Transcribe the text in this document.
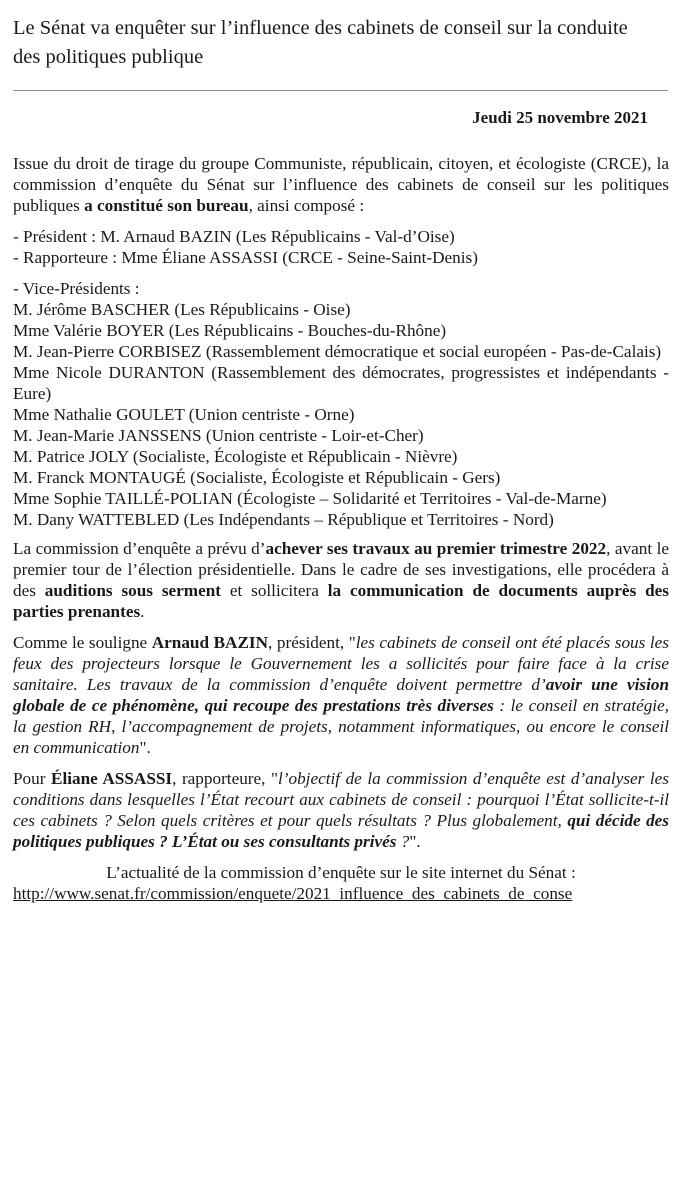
Le Sénat va enquêter sur l’influence des cabinets de conseil sur la conduite des politiques publique
Jeudi 25 novembre 2021

Issue du droit de tirage du groupe Communiste, républicain, citoyen, et écologiste (CRCE), la commission d’enquête du Sénat sur l’influence des cabinets de conseil sur les politiques publiques a constitué son bureau, ainsi composé :

- Président : M. Arnaud BAZIN (Les Républicains - Val-d’Oise)

- Rapporteure : Mme Éliane ASSASSI (CRCE - Seine-Saint-Denis)

- Vice-Présidents :

M. Jérôme BASCHER (Les Républicains - Oise)

Mme Valérie BOYER (Les Républicains - Bouches-du-Rhône)

M. Jean-Pierre CORBISEZ (Rassemblement démocratique et social européen - Pas-de-Calais)

Mme Nicole DURANTON (Rassemblement des démocrates, progressistes et indépendants - Eure)

Mme Nathalie GOULET (Union centriste - Orne)

M. Jean-Marie JANSSENS (Union centriste - Loir-et-Cher)

M. Patrice JOLY (Socialiste, Écologiste et Républicain - Nièvre)

M. Franck MONTAUGÉ (Socialiste, Écologiste et Républicain - Gers)

Mme Sophie TAILLÉ-POLIAN (Écologiste – Solidarité et Territoires - Val-de-Marne)

M. Dany WATTEBLED (Les Indépendants – République et Territoires - Nord)

La commission d’enquête a prévu d’achever ses travaux au premier trimestre 2022, avant le premier tour de l’élection présidentielle. Dans le cadre de ses investigations, elle procédera à des auditions sous serment et sollicitera la communication de documents auprès des parties prenantes.

Comme le souligne Arnaud BAZIN, président, "les cabinets de conseil ont été placés sous les feux des projecteurs lorsque le Gouvernement les a sollicités pour faire face à la crise sanitaire. Les travaux de la commission d’enquête doivent permettre d’avoir une vision globale de ce phénomène, qui recoupe des prestations très diverses : le conseil en stratégie, la gestion RH, l’accompagnement de projets, notamment informatiques, ou encore le conseil en communication".

Pour Éliane ASSASSI, rapporteure, "l’objectif de la commission d’enquête est d’analyser les conditions dans lesquelles l’État recourt aux cabinets de conseil : pourquoi l’État sollicite-t-il ces cabinets ? Selon quels critères et pour quels résultats ? Plus globalement, qui décide des politiques publiques ? L’État ou ses consultants privés ?".

L’actualité de la commission d’enquête sur le site internet du Sénat :

http://www.senat.fr/commission/enquete/2021_influence_des_cabinets_de_conse
